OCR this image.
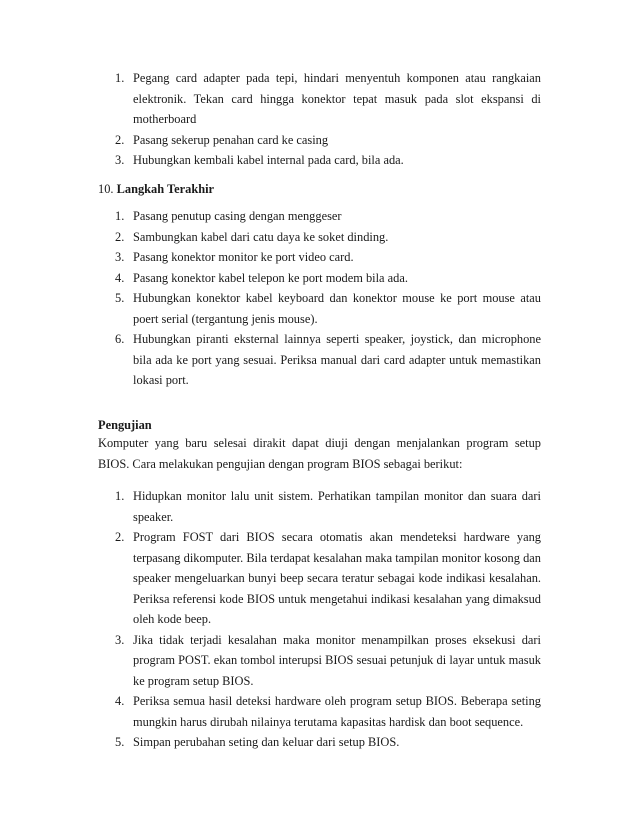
1. Pegang card adapter pada tepi, hindari menyentuh komponen atau rangkaian elektronik. Tekan card hingga konektor tepat masuk pada slot ekspansi di motherboard
2. Pasang sekerup penahan card ke casing
3. Hubungkan kembali kabel internal pada card, bila ada.

10. Langkah Terakhir

1. Pasang penutup casing dengan menggeser
2. Sambungkan kabel dari catu daya ke soket dinding.
3. Pasang konektor monitor ke port video card.
4. Pasang konektor kabel telepon ke port modem bila ada.
5. Hubungkan konektor kabel keyboard dan konektor mouse ke port mouse atau poert serial (tergantung jenis mouse).
6. Hubungkan piranti eksternal lainnya seperti speaker, joystick, dan microphone bila ada ke port yang sesuai. Periksa manual dari card adapter untuk memastikan lokasi port.

Pengujian

Komputer yang baru selesai dirakit dapat diuji dengan menjalankan program setup BIOS. Cara melakukan pengujian dengan program BIOS sebagai berikut:

1. Hidupkan monitor lalu unit sistem. Perhatikan tampilan monitor dan suara dari speaker.
2. Program FOST dari BIOS secara otomatis akan mendeteksi hardware yang terpasang dikomputer. Bila terdapat kesalahan maka tampilan monitor kosong dan speaker mengeluarkan bunyi beep secara teratur sebagai kode indikasi kesalahan. Periksa referensi kode BIOS untuk mengetahui indikasi kesalahan yang dimaksud oleh kode beep.
3. Jika tidak terjadi kesalahan maka monitor menampilkan proses eksekusi dari program POST. ekan tombol interupsi BIOS sesuai petunjuk di layar untuk masuk ke program setup BIOS.
4. Periksa semua hasil deteksi hardware oleh program setup BIOS. Beberapa seting mungkin harus dirubah nilainya terutama kapasitas hardisk dan boot sequence.
5. Simpan perubahan seting dan keluar dari setup BIOS.
